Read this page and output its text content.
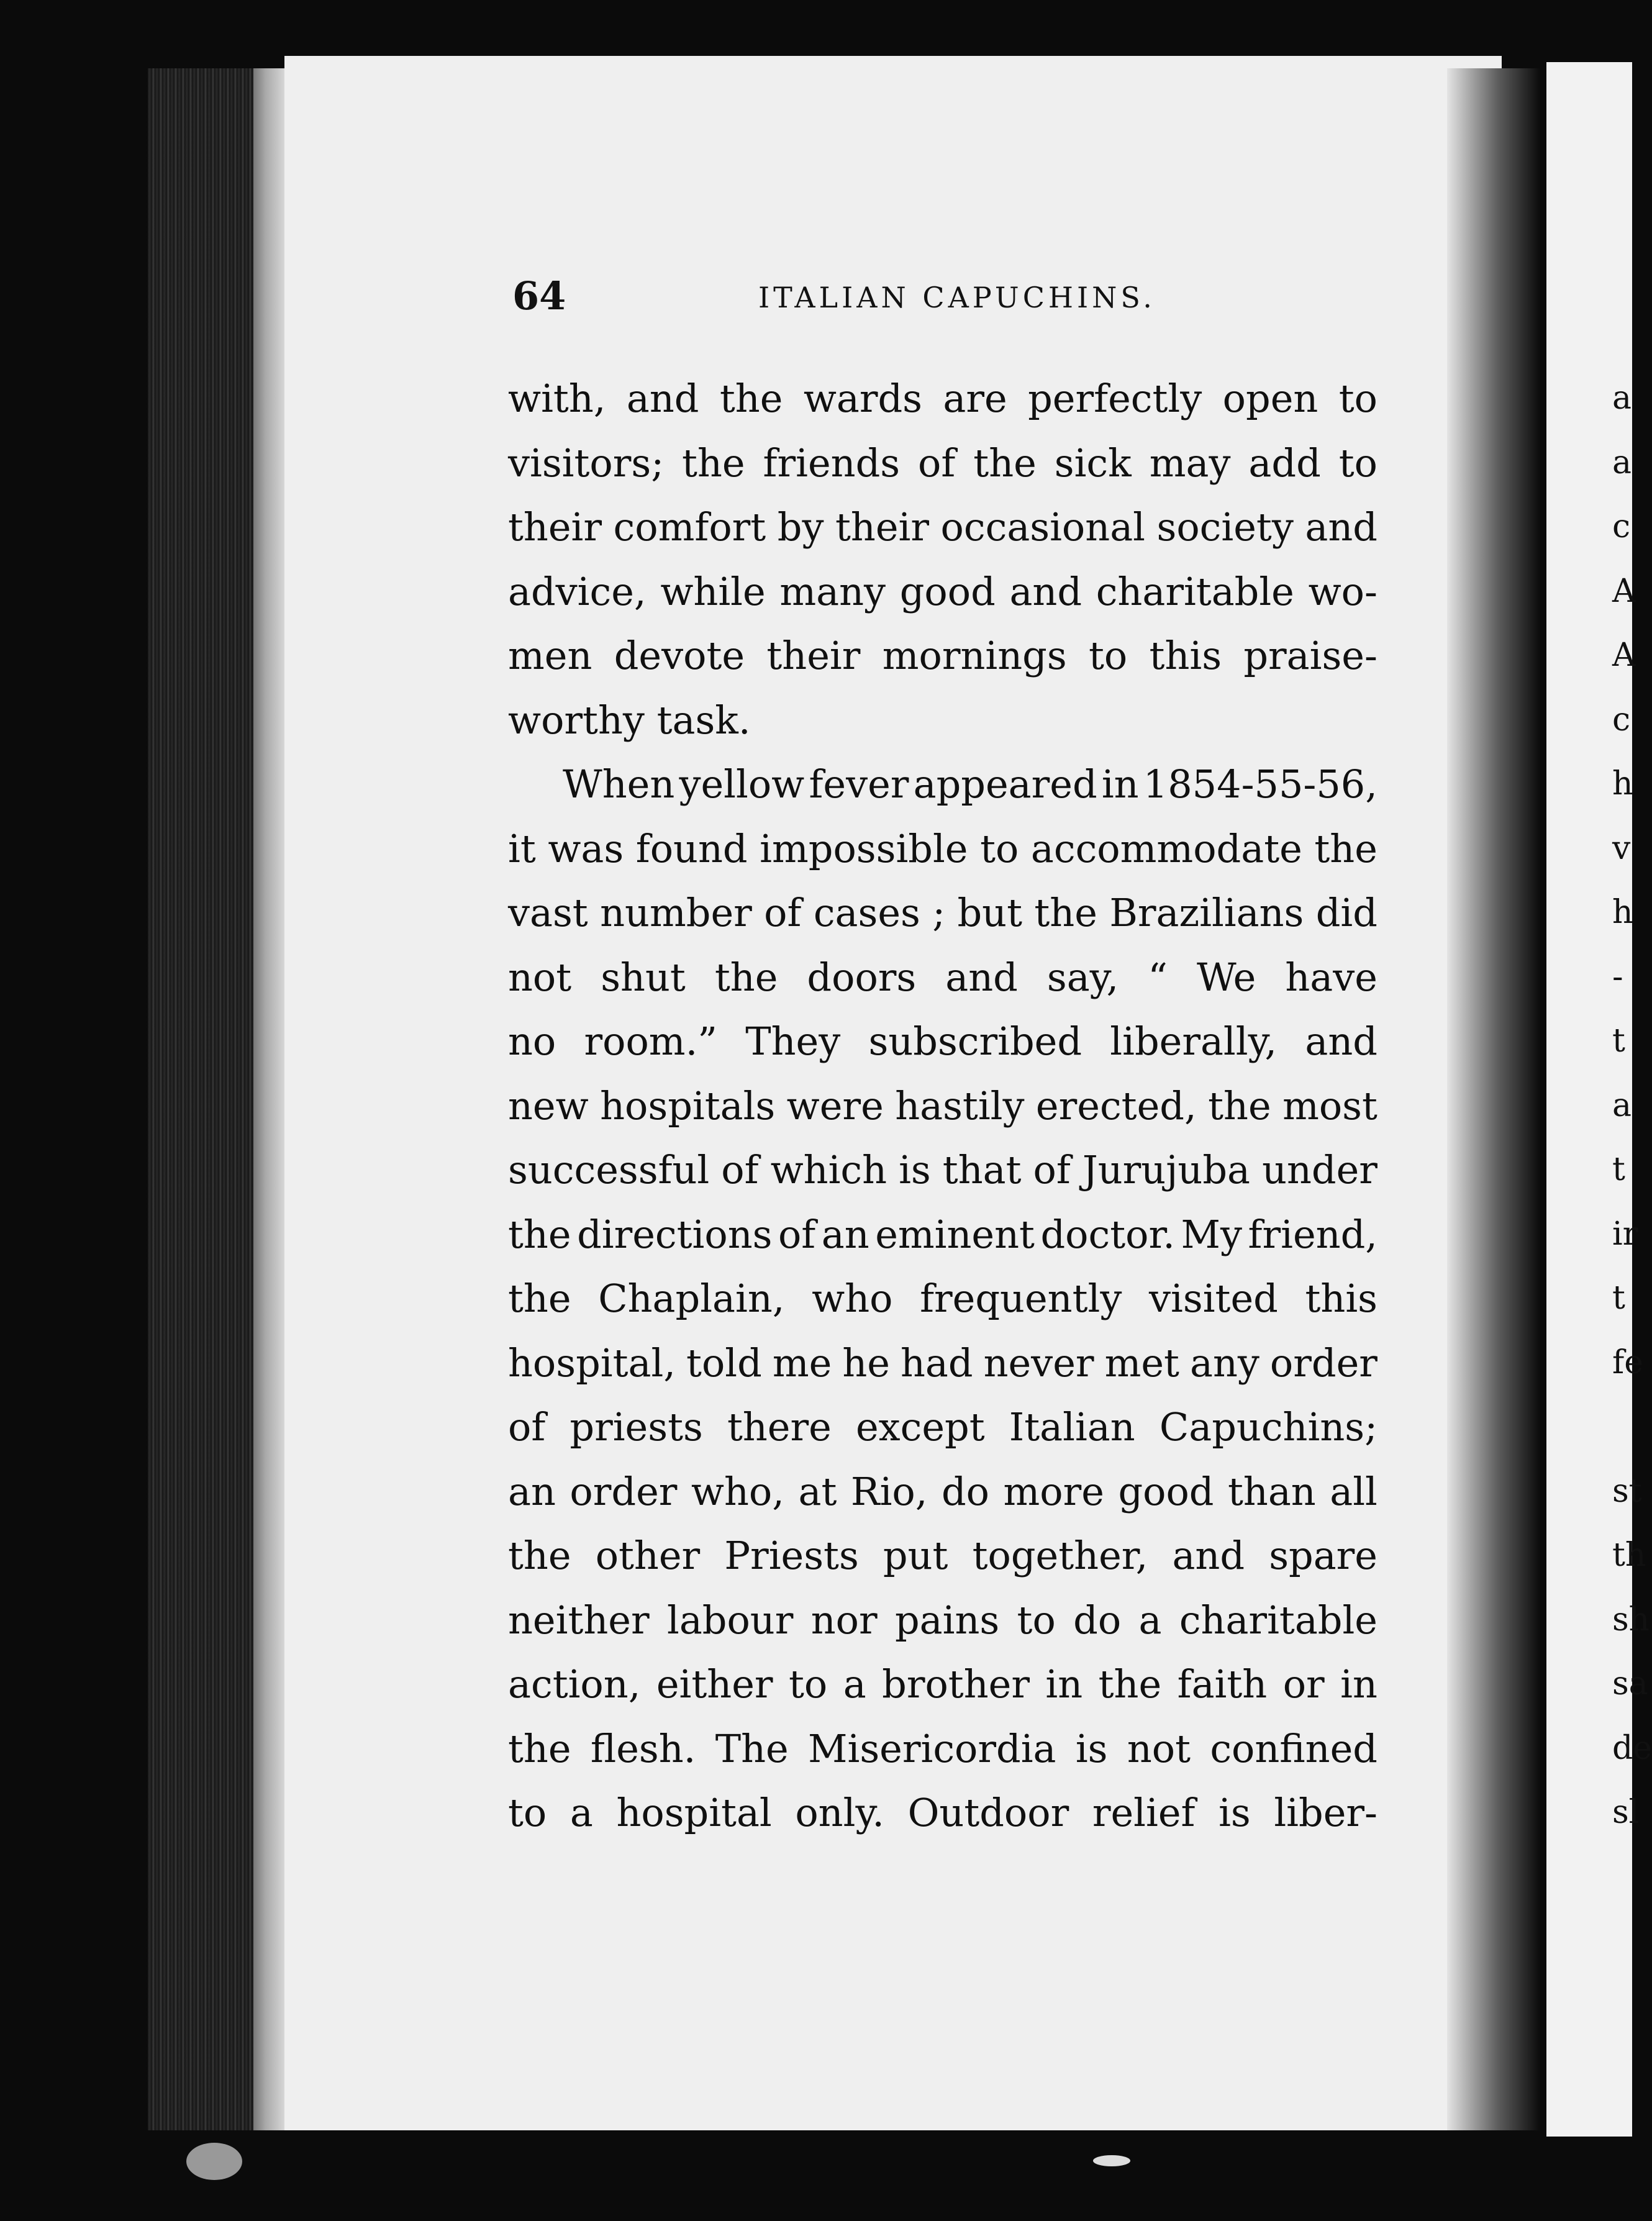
a
a
c
A
A
c
h
v
h
-
t
a
t
ir
t
fe

st
th
sh
sa
de
sl
64	ITALIAN CAPUCHINS.
with, and the wards are perfectly open to
visitors; the friends of the sick may add to
their comfort by their occasional society and
advice, while many good and charitable wo-
men devote their mornings to this praise-
worthy task.
When yellow fever appeared in 1854-55-56,
it was found impossible to accommodate the
vast number of cases ; but the Brazilians did
not shut the doors and say, “ We have
no room.” They subscribed liberally, and
new hospitals were hastily erected, the most
successful of which is that of Jurujuba under
the directions of an eminent doctor. My friend,
the Chaplain, who frequently visited this
hospital, told me he had never met any order
of priests there except Italian Capuchins;
an order who, at Rio, do more good than all
the other Priests put together, and spare
neither labour nor pains to do a charitable
action, either to a brother in the faith or in
the flesh. The Misericordia is not confined
to a hospital only. Outdoor relief is liber-
